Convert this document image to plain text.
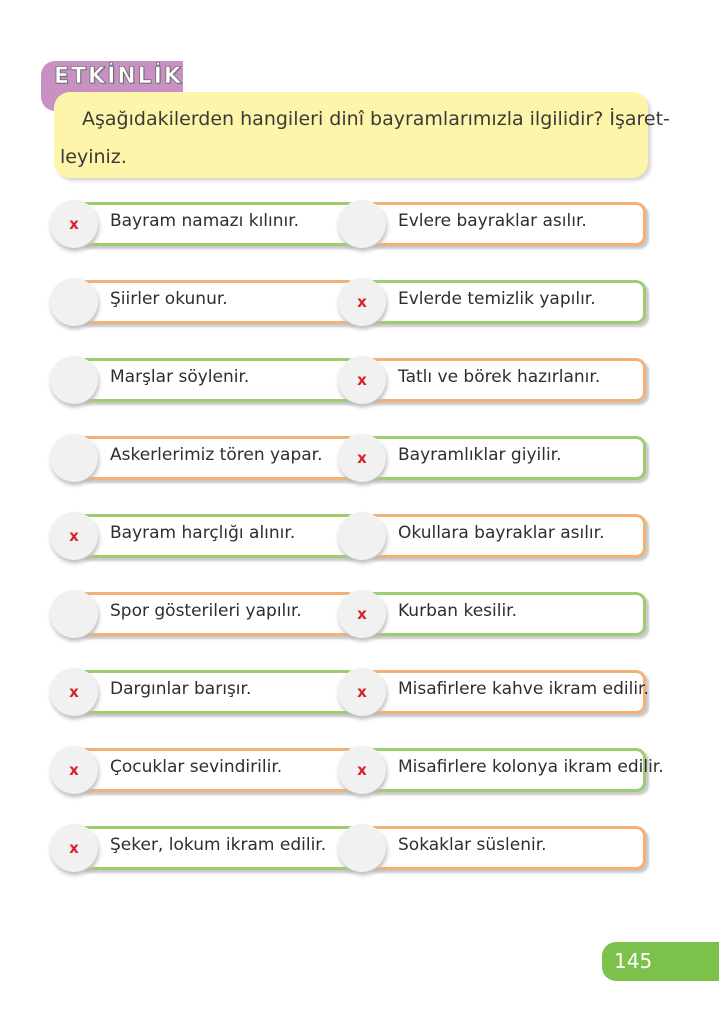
ETKİNLİK
Aşağıdakilerden hangileri dinî bayramlarımızla ilgilidir? İşaret-
leyiniz.
x Bayram namazı kılınır.
Şiirler okunur.
Marşlar söylenir.
Askerlerimiz tören yapar.
x Bayram harçlığı alınır.
Spor gösterileri yapılır.
x Dargınlar barışır.
x Çocuklar sevindirilir.
x Şeker, lokum ikram edilir.
Evlere bayraklar asılır.
x Evlerde temizlik yapılır.
x Tatlı ve börek hazırlanır.
x Bayramlıklar giyilir.
Okullara bayraklar asılır.
x Kurban kesilir.
x Misafirlere kahve ikram edilir.
x Misafirlere kolonya ikram edilir.
Sokaklar süslenir.
145
